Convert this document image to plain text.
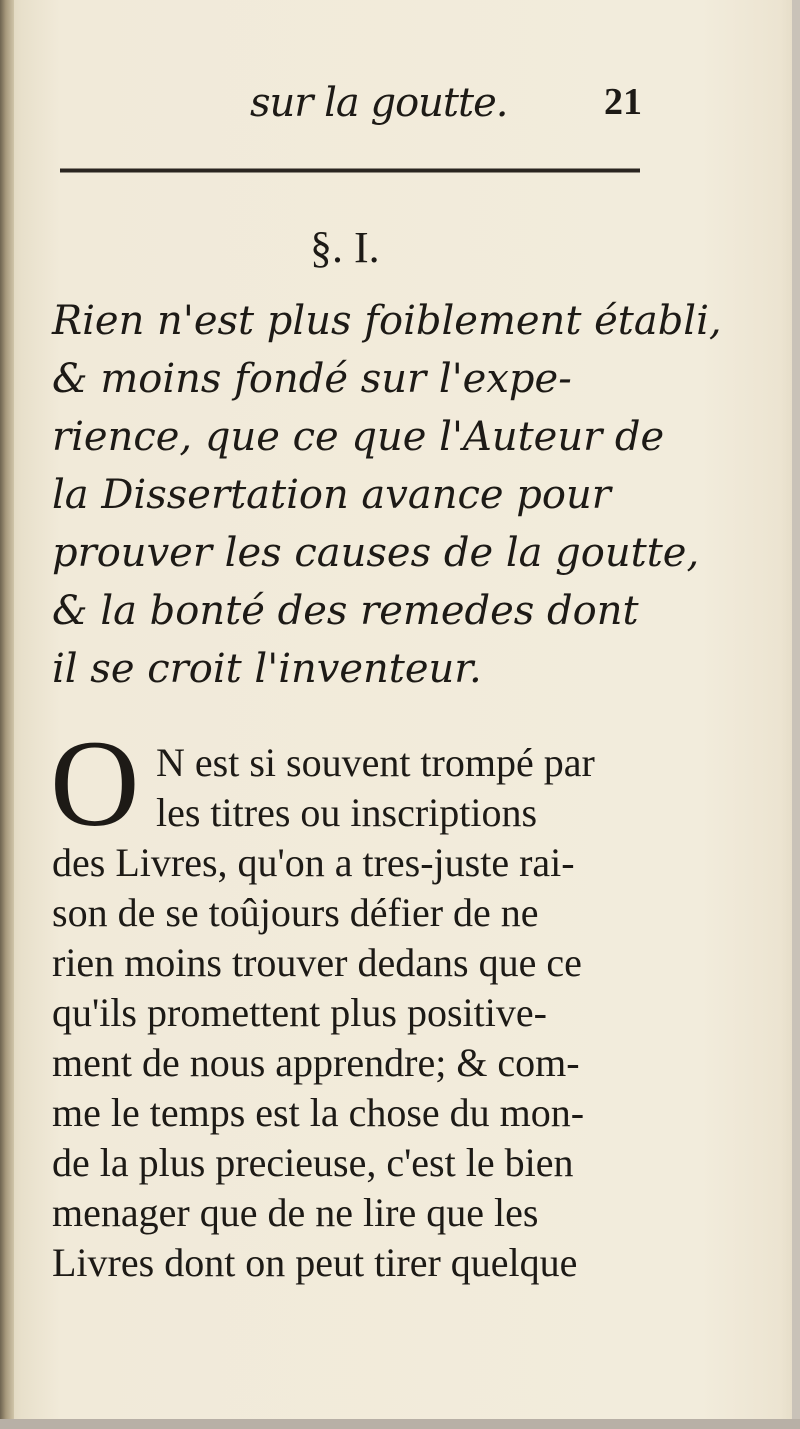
sur la goutte.	21
§. I.
Rien n'est plus foiblement établi,
& moins fondé sur l'expe-
rience, que ce que l'Auteur de
la Dissertation avance pour
prouver les causes de la goutte,
& la bonté des remedes dont
il se croit l'inventeur.
O N est si souvent trompé par
les titres ou inscriptions
des Livres, qu'on a tres-juste rai-
son de se toûjours défier de ne
rien moins trouver dedans que ce
qu'ils promettent plus positive-
ment de nous apprendre; & com-
me le temps est la chose du mon-
de la plus precieuse, c'est le bien
menager que de ne lire que les
Livres dont on peut tirer quelque
